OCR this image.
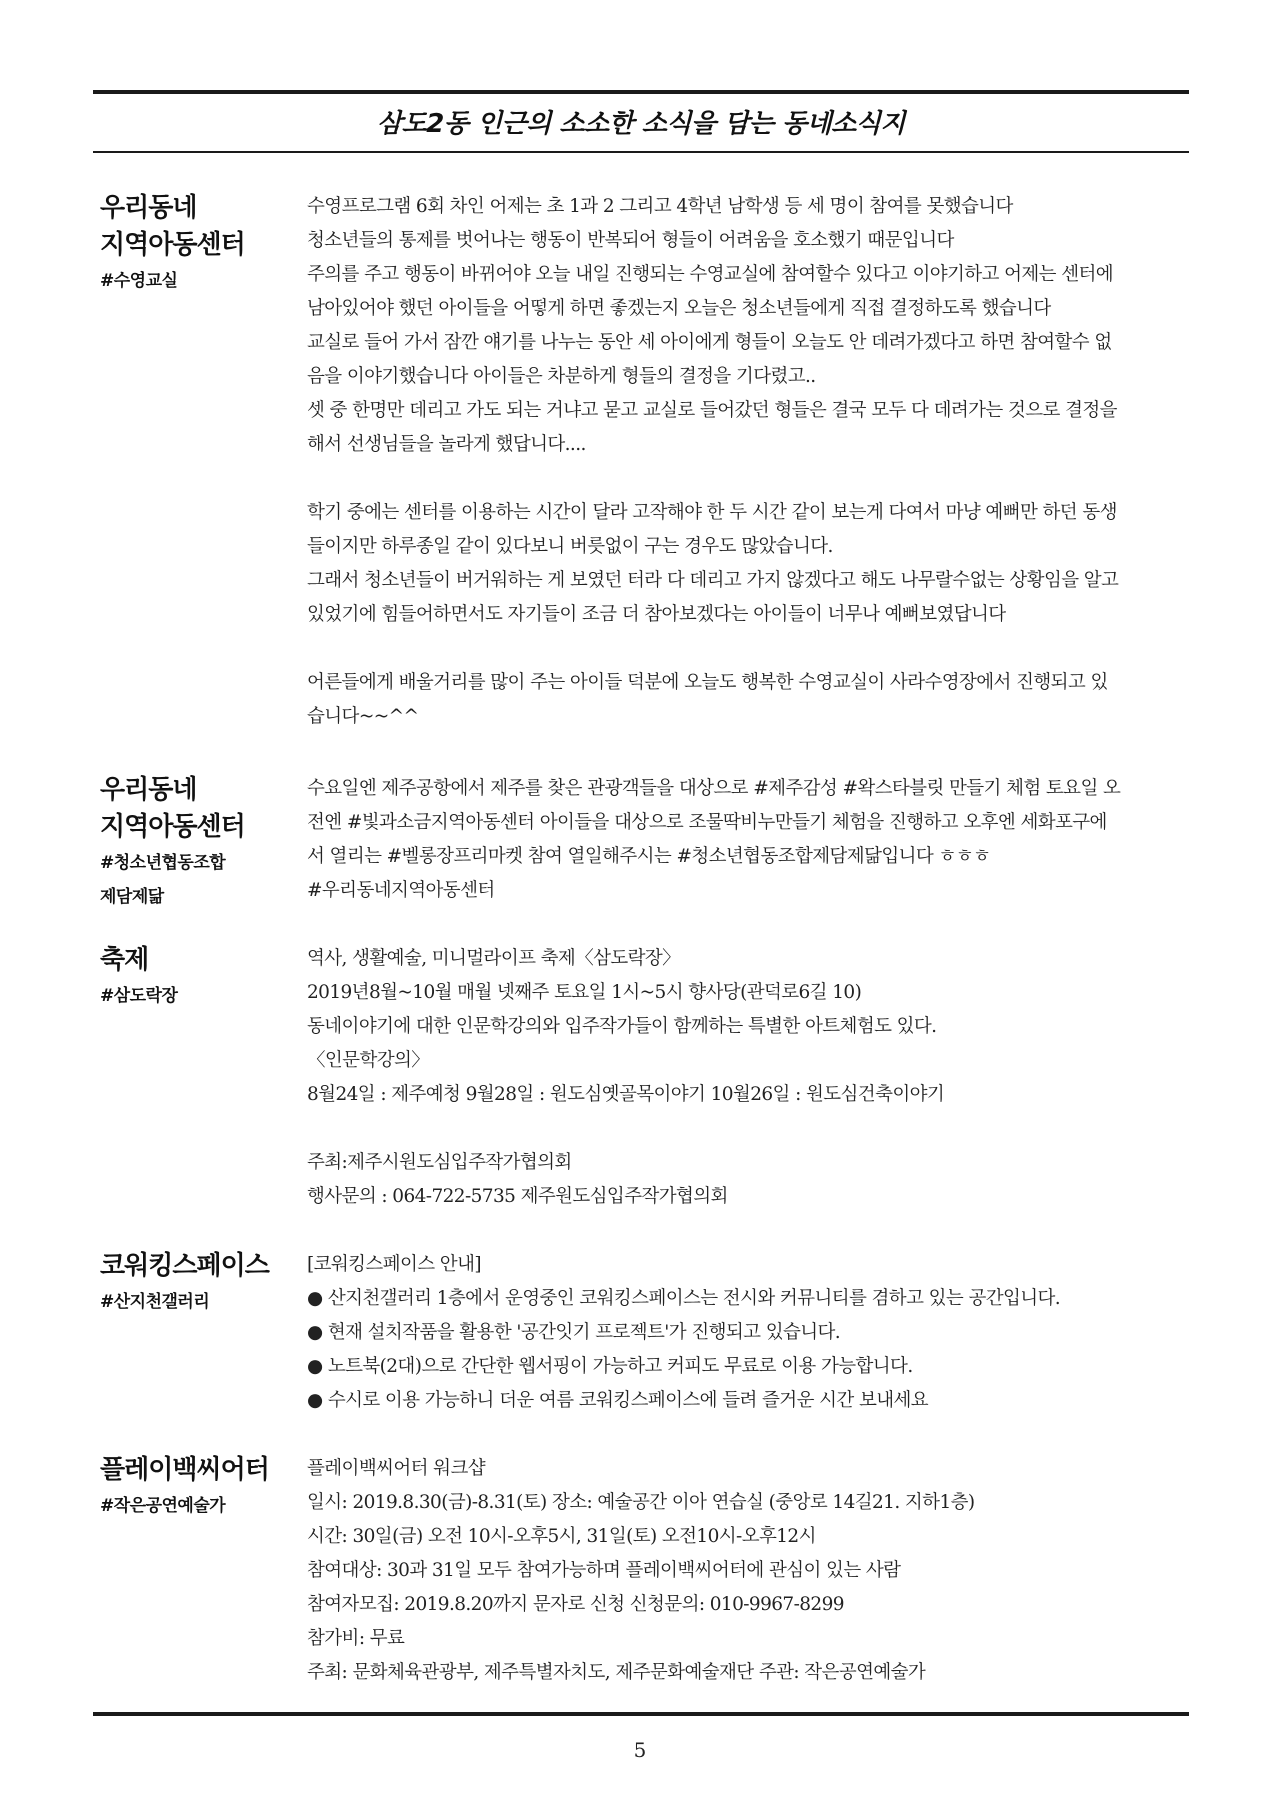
삼도2동 인근의 소소한 소식을 담는 동네소식지
우리동네
지역아동센터
#수영교실
수영프로그램 6회 차인 어제는 초 1과 2 그리고 4학년 남학생 등 세 명이 참여를 못했습니다
청소년들의 통제를 벗어나는 행동이 반복되어 형들이 어려움을 호소했기 때문입니다
주의를 주고 행동이 바뀌어야 오늘 내일 진행되는 수영교실에 참여할수 있다고 이야기하고 어제는 센터에
남아있어야 했던 아이들을 어떻게 하면 좋겠는지 오늘은 청소년들에게 직접 결정하도록 했습니다
교실로 들어 가서 잠깐 얘기를 나누는 동안 세 아이에게 형들이 오늘도 안 데려가겠다고 하면 참여할수 없
음을 이야기했습니다 아이들은 차분하게 형들의 결정을 기다렸고..
셋 중 한명만 데리고 가도 되는 거냐고 묻고 교실로 들어갔던 형들은 결국 모두 다 데려가는 것으로 결정을
해서 선생님들을 놀라게 했답니다....
학기 중에는 센터를 이용하는 시간이 달라 고작해야 한 두 시간 같이 보는게 다여서 마냥 예뻐만 하던 동생
들이지만 하루종일 같이 있다보니 버릇없이 구는 경우도 많았습니다.
그래서 청소년들이 버거워하는 게 보였던 터라 다 데리고 가지 않겠다고 해도 나무랄수없는 상황임을 알고
있었기에 힘들어하면서도 자기들이 조금 더 참아보겠다는 아이들이 너무나 예뻐보였답니다
어른들에게 배울거리를 많이 주는 아이들 덕분에 오늘도 행복한 수영교실이 사라수영장에서 진행되고 있
습니다~~^^
우리동네
지역아동센터
#청소년협동조합
제담제닮
수요일엔 제주공항에서 제주를 찾은 관광객들을 대상으로 #제주감성 #왁스타블릿 만들기 체험 토요일 오
전엔 #빛과소금지역아동센터 아이들을 대상으로 조물딱비누만들기 체험을 진행하고 오후엔 세화포구에
서 열리는 #벨롱장프리마켓 참여 열일해주시는 #청소년협동조합제담제닮입니다 ㅎㅎㅎ
#우리동네지역아동센터
축제
#삼도락장
역사, 생활예술, 미니멀라이프 축제〈삼도락장〉
2019년8월~10월 매월 넷째주 토요일 1시~5시 향사당(관덕로6길 10)
동네이야기에 대한 인문학강의와 입주작가들이 함께하는 특별한 아트체험도 있다.
〈인문학강의〉
8월24일 : 제주예청 9월28일 : 원도심옛골목이야기 10월26일 : 원도심건축이야기
주최:제주시원도심입주작가협의회
행사문의 : 064-722-5735 제주원도심입주작가협의회
코워킹스페이스
#산지천갤러리
[코워킹스페이스 안내]
● 산지천갤러리 1층에서 운영중인 코워킹스페이스는 전시와 커뮤니티를 겸하고 있는 공간입니다.
● 현재 설치작품을 활용한 '공간잇기 프로젝트'가 진행되고 있습니다.
● 노트북(2대)으로 간단한 웹서핑이 가능하고 커피도 무료로 이용 가능합니다.
● 수시로 이용 가능하니 더운 여름 코워킹스페이스에 들려 즐거운 시간 보내세요
플레이백씨어터
#작은공연예술가
플레이백씨어터 워크샵
일시: 2019.8.30(금)-8.31(토) 장소: 예술공간 이아 연습실 (중앙로 14길21. 지하1층)
시간: 30일(금) 오전 10시-오후5시, 31일(토) 오전10시-오후12시
참여대상: 30과 31일 모두 참여가능하며 플레이백씨어터에 관심이 있는 사람
참여자모집: 2019.8.20까지 문자로 신청 신청문의: 010-9967-8299
참가비: 무료
주최: 문화체육관광부, 제주특별자치도, 제주문화예술재단 주관: 작은공연예술가
5
